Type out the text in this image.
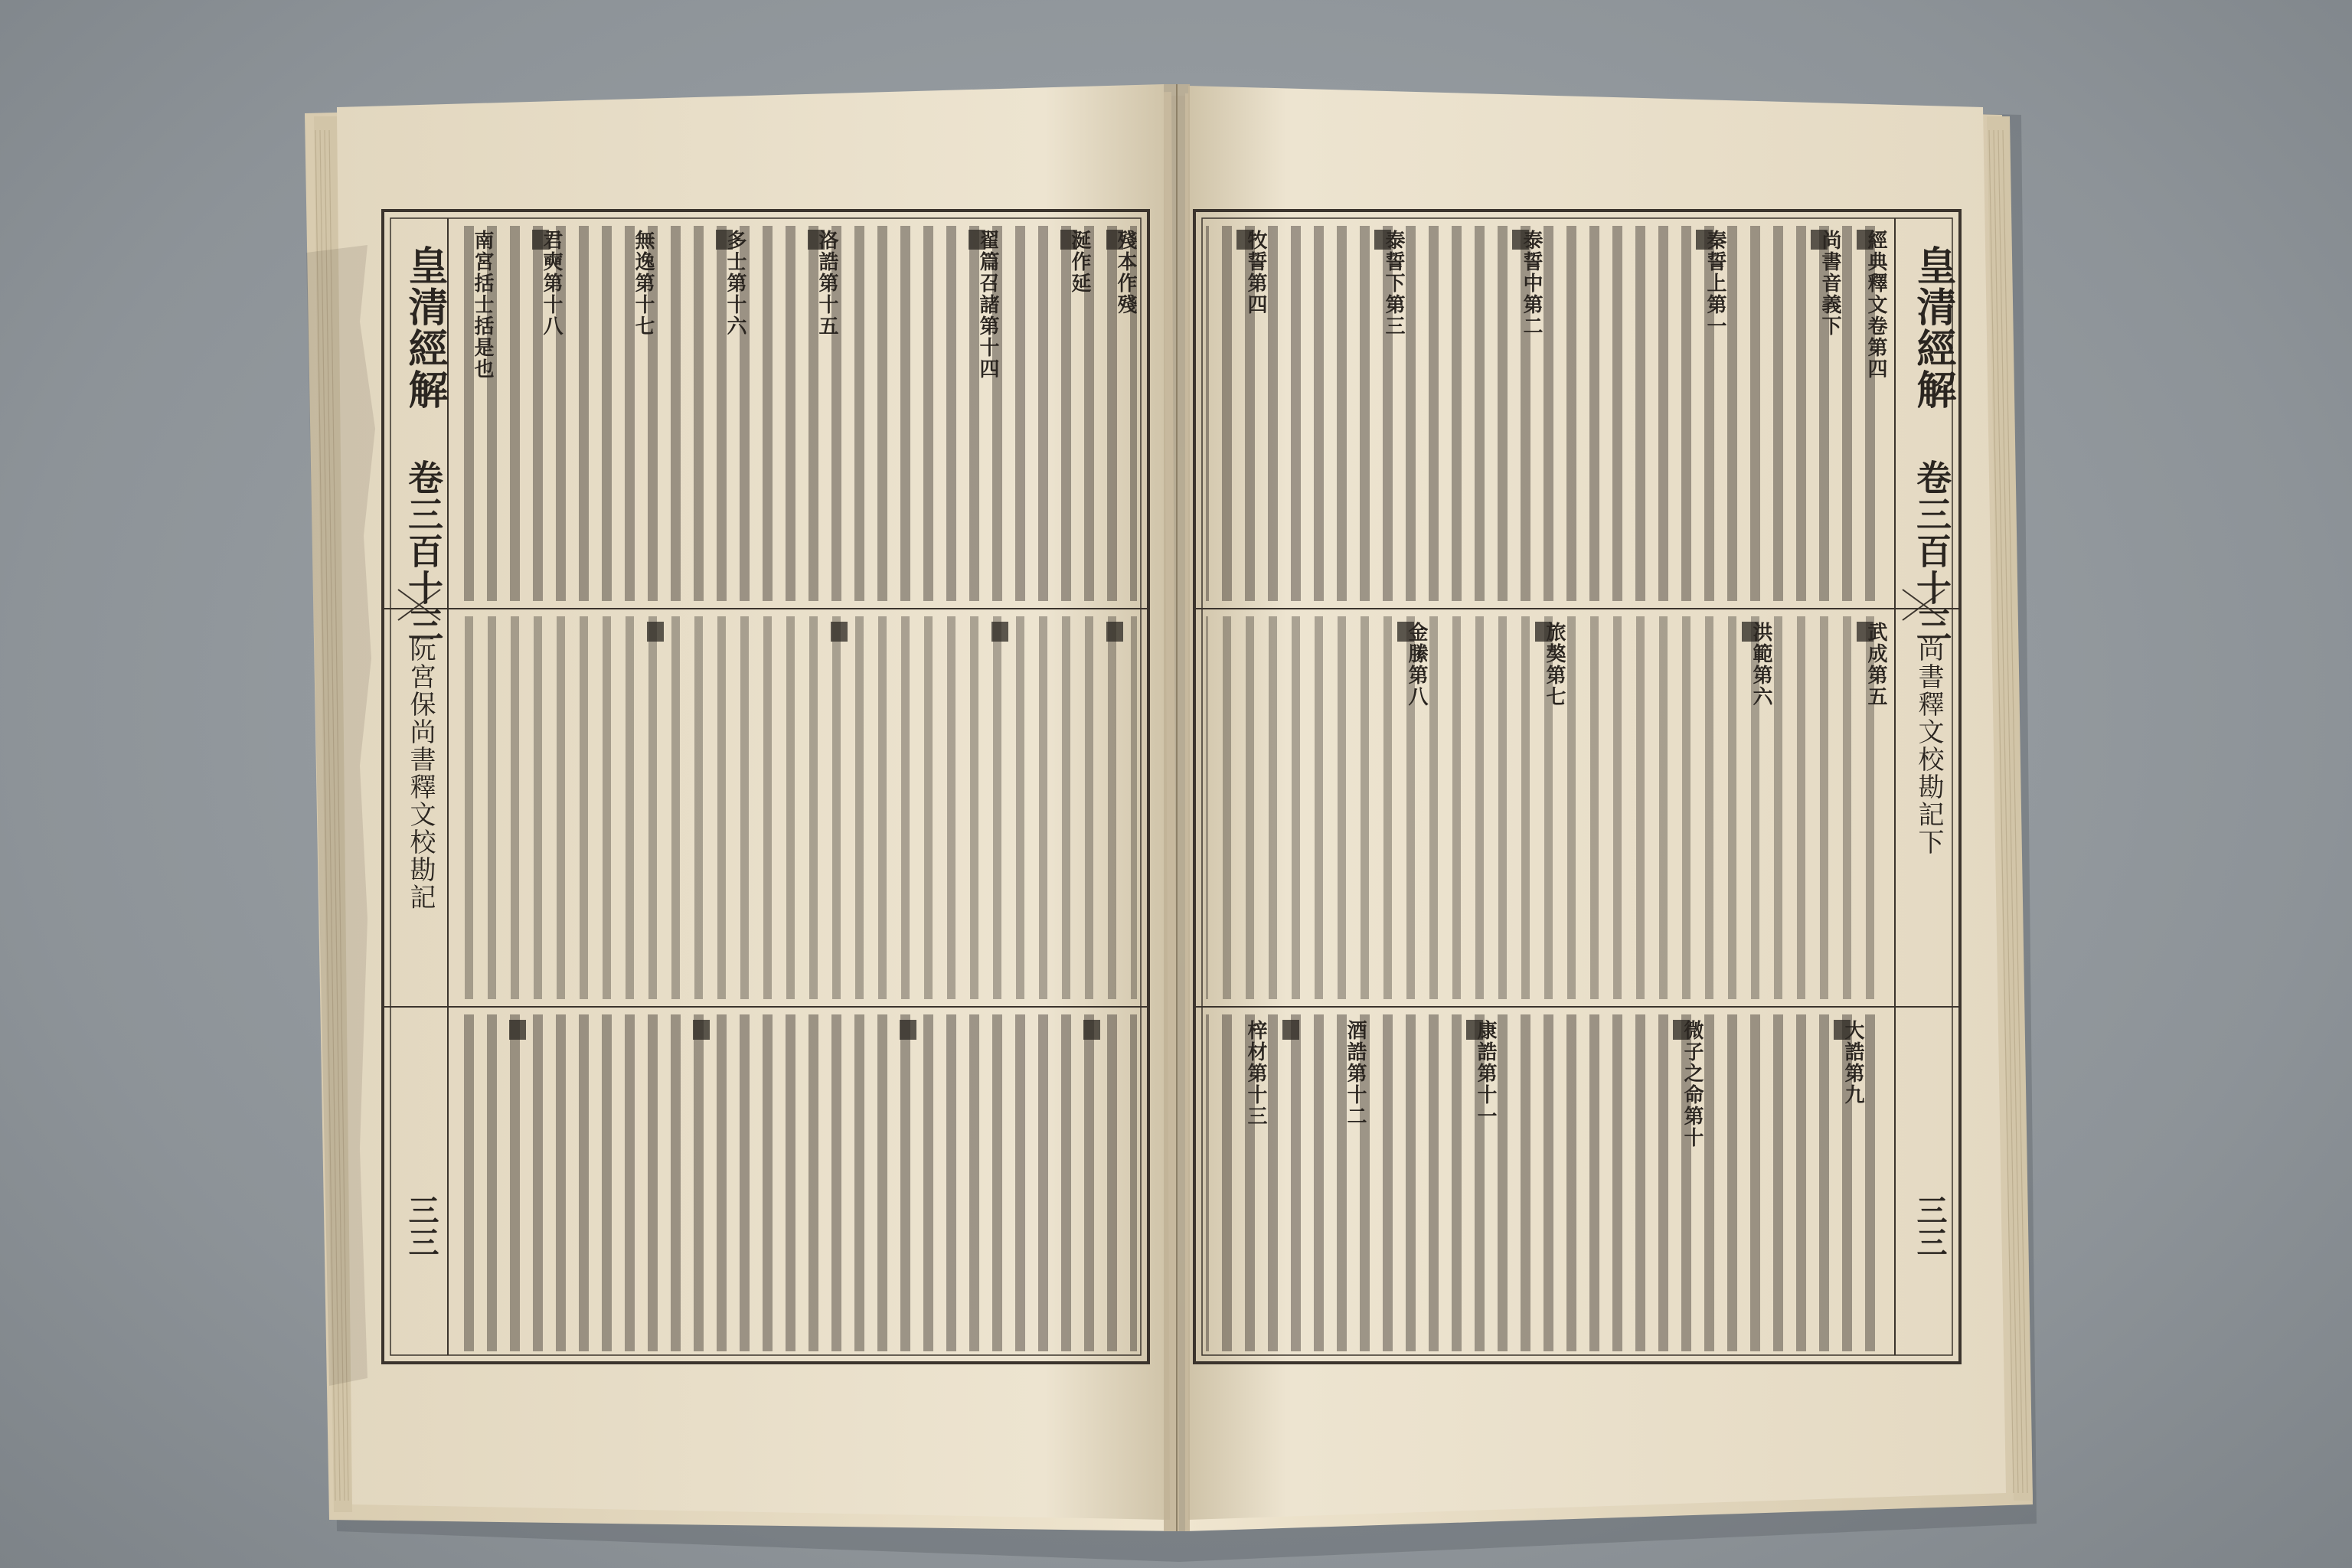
皇清經解
卷三百十三
阮宮保尚書釋文校勘記
三三
殘本作殘
涎作延
翟篇召諸第十四
洛誥第十五
多士第十六
無逸第十七
君奭第十八
南宮括士括是也	皇清經解
卷三百十三
尚書釋文校勘記下
三三
經典釋文卷第四
尚書音義下
秦誓上第一
泰誓中第二
泰誓下第三
牧誓第四
武成第五
洪範第六
旅獒第七
金縢第八
大誥第九
微子之命第十
康誥第十一
酒誥第十二
梓材第十三
